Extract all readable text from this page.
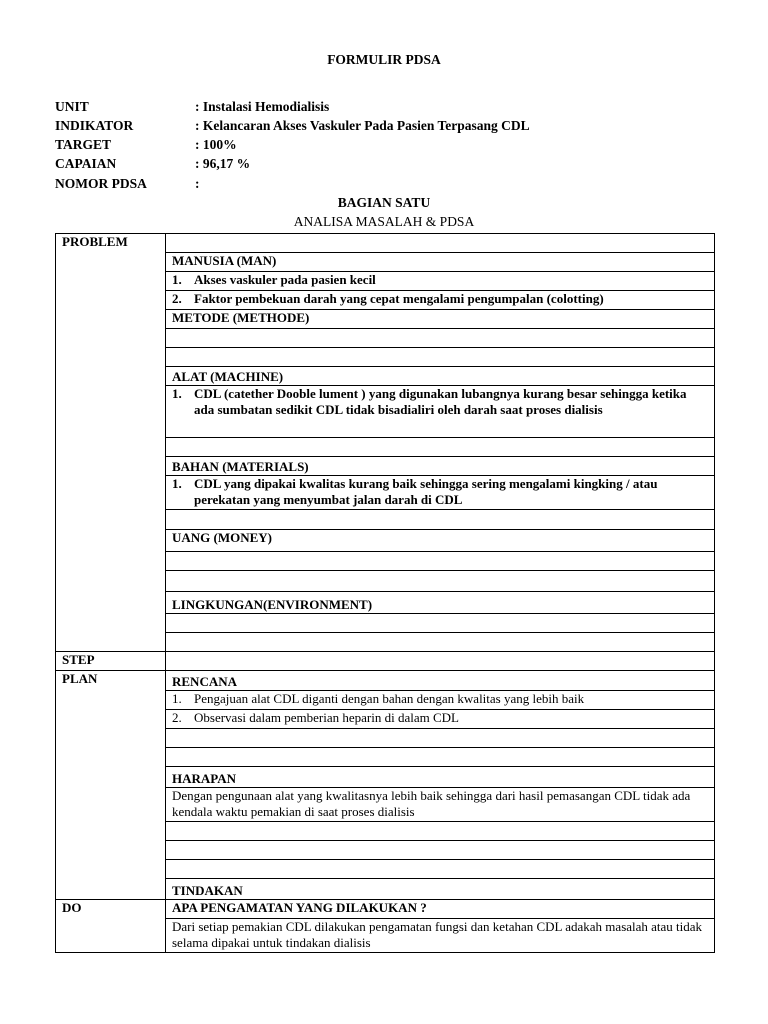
FORMULIR PDSA
UNIT	: Instalasi Hemodialisis
INDIKATOR	: Kelancaran Akses Vaskuler Pada Pasien Terpasang CDL
TARGET	: 100%
CAPAIAN	: 96,17 %
NOMOR PDSA	:
BAGIAN SATU
ANALISA MASALAH & PDSA
PROBLEM	
	MANUSIA (MAN)
	1. Akses vaskuler pada pasien kecil
	2. Faktor pembekuan darah yang cepat mengalami pengumpalan (colotting)
	METODE (METHODE)

	ALAT (MACHINE)
	1. CDL (catether Dooble lument ) yang digunakan lubangnya kurang besar sehingga ketika ada sumbatan sedikit CDL tidak bisadialiri oleh darah saat proses dialisis

	BAHAN (MATERIALS)
	1. CDL yang dipakai kwalitas kurang baik sehingga sering mengalami kingking / atau perekatan yang menyumbat jalan darah di CDL

	UANG (MONEY)

	LINGKUNGAN(ENVIRONMENT)

STEP	
PLAN	RENCANA
	1. Pengajuan alat CDL diganti dengan bahan dengan kwalitas yang lebih baik
	2. Observasi dalam pemberian heparin di dalam CDL

	HARAPAN
	Dengan pengunaan alat yang kwalitasnya lebih baik sehingga dari hasil pemasangan CDL tidak ada kendala waktu pemakian di saat proses dialisis

	TINDAKAN

DO	APA PENGAMATAN YANG DILAKUKAN ?
	Dari setiap pemakian CDL dilakukan pengamatan fungsi dan ketahan CDL adakah masalah atau tidak selama dipakai untuk tindakan dialisis
